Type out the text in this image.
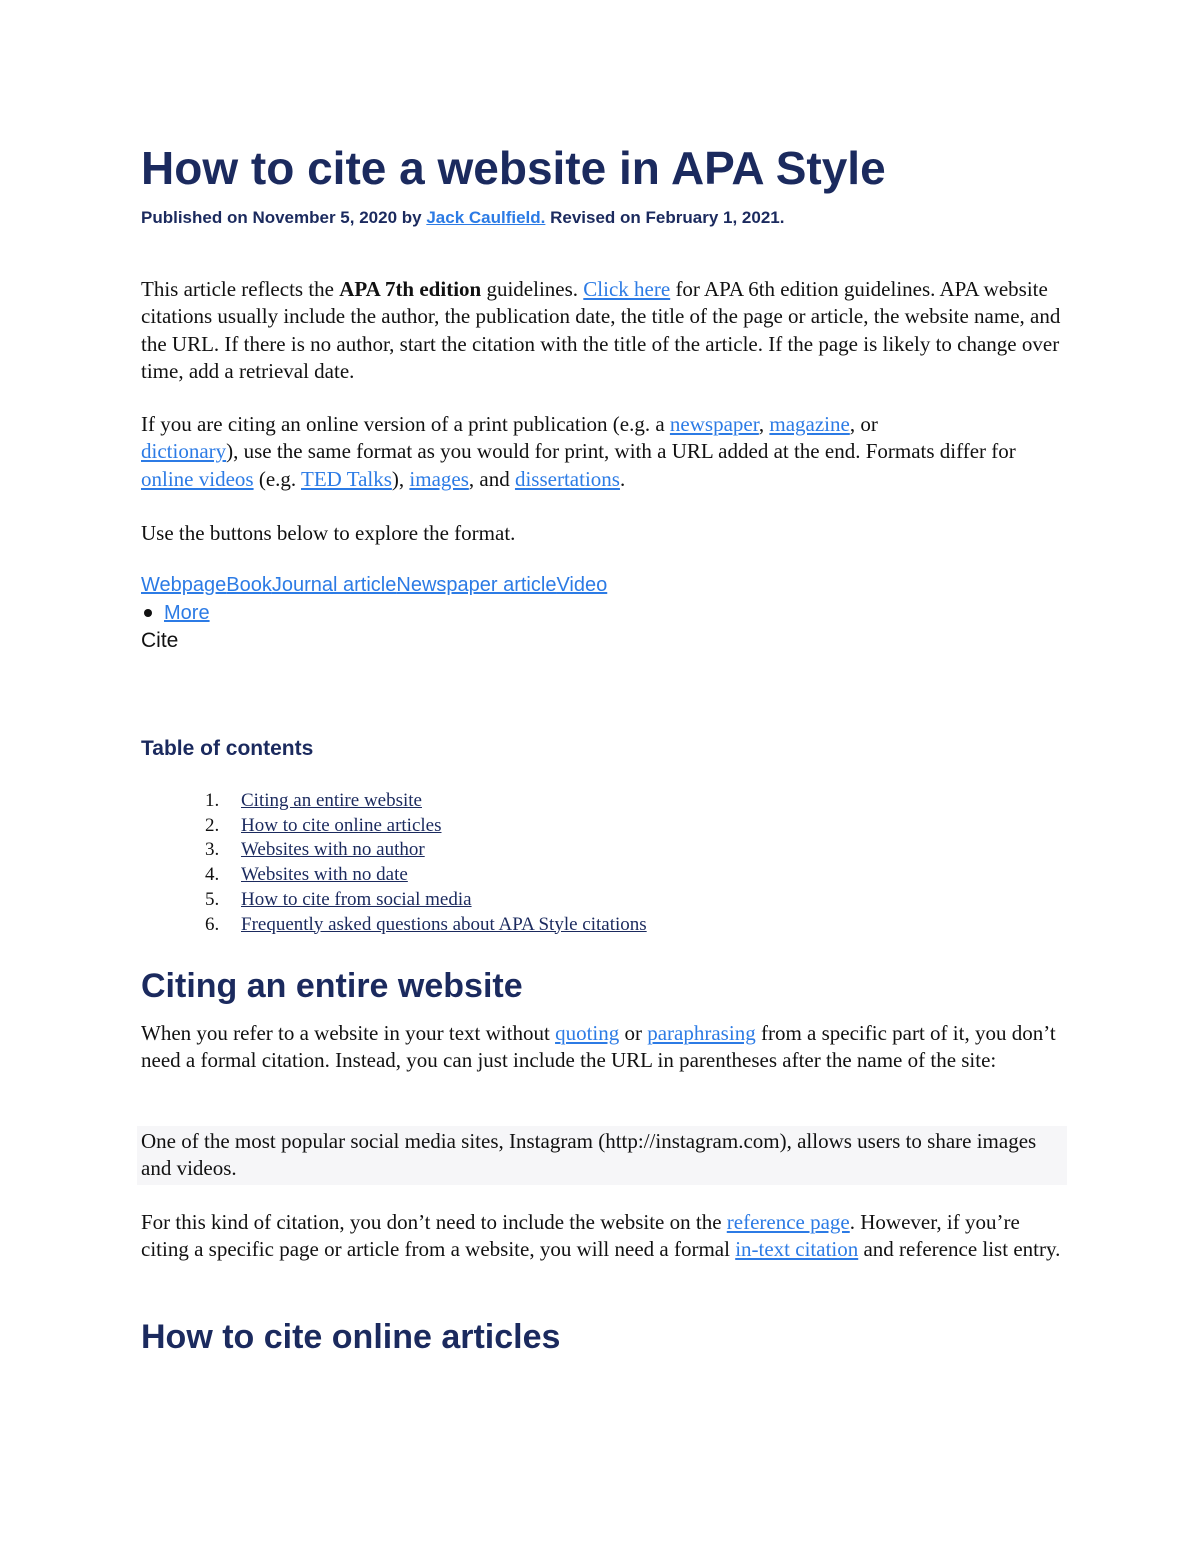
How to cite a website in APA Style

Published on November 5, 2020 by Jack Caulfield. Revised on February 1, 2021.

This article reflects the APA 7th edition guidelines. Click here for APA 6th edition guidelines. APA website citations usually include the author, the publication date, the title of the page or article, the website name, and the URL. If there is no author, start the citation with the title of the article. If the page is likely to change over time, add a retrieval date.

If you are citing an online version of a print publication (e.g. a newspaper, magazine, or
dictionary), use the same format as you would for print, with a URL added at the end. Formats differ for online videos (e.g. TED Talks), images, and dissertations.

Use the buttons below to explore the format.

WebpageBookJournal articleNewspaper articleVideo
More
Cite
Table of contents
1.	Citing an entire website
2.	How to cite online articles
3.	Websites with no author
4.	Websites with no date
5.	How to cite from social media
6.	Frequently asked questions about APA Style citations
Citing an entire website

When you refer to a website in your text without quoting or paraphrasing from a specific part of it, you don’t need a formal citation. Instead, you can just include the URL in parentheses after the name of the site:

One of the most popular social media sites, Instagram (http://instagram.com), allows users to share images and videos.

For this kind of citation, you don’t need to include the website on the reference page. However, if you’re citing a specific page or article from a website, you will need a formal in-text citation and reference list entry.

How to cite online articles
